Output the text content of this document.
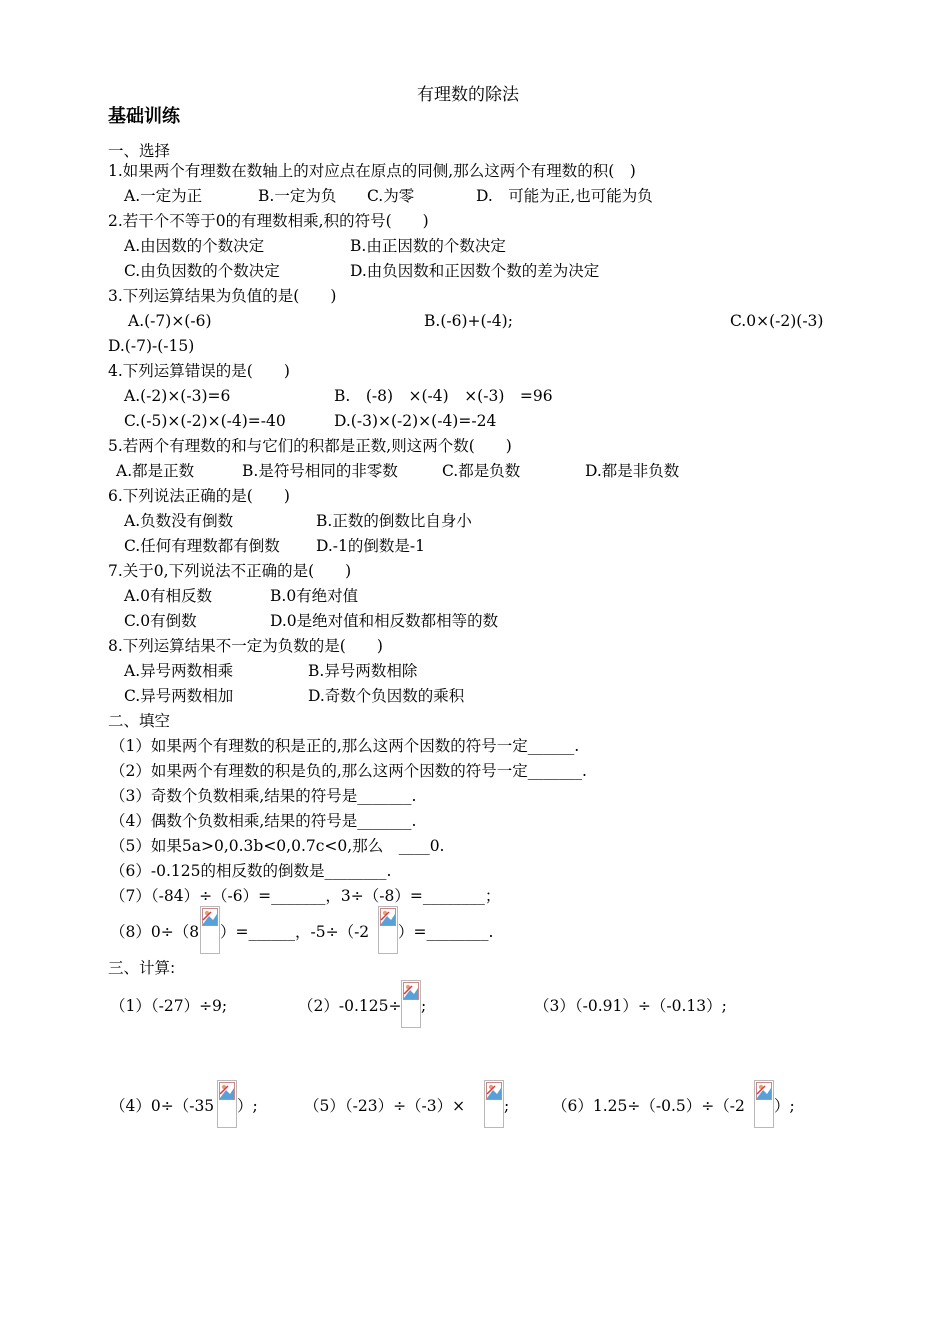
有理数的除法
基础训练
一、选择
1.如果两个有理数在数轴上的对应点在原点的同侧,那么这两个有理数的积(　)
A.一定为正	B.一定为负 C.为零	D.　可能为正,也可能为负
2.若干个不等于0的有理数相乘,积的符号(　　)
A.由因数的个数决定	B.由正因数的个数决定
C.由负因数的个数决定	D.由负因数和正因数个数的差为决定
3.下列运算结果为负值的是(　　)
A.(-7)×(-6)	B.(-6)+(-4);	C.0×(-2)(-3)
D.(-7)-(-15)
4.下列运算错误的是(　　)
A.(-2)×(-3)=6	B.　(-8)　×(-4)　×(-3)　=96
C.(-5)×(-2)×(-4)=-40	D.(-3)×(-2)×(-4)=-24
5.若两个有理数的和与它们的积都是正数,则这两个数(　　)
A.都是正数	B.是符号相同的非零数	C.都是负数	D.都是非负数
6.下列说法正确的是(　　)
A.负数没有倒数	B.正数的倒数比自身小
C.任何有理数都有倒数 D.-1的倒数是-1
7.关于0,下列说法不正确的是(　　)
A.0有相反数	B.0有绝对值
C.0有倒数	D.0是绝对值和相反数都相等的数
8.下列运算结果不一定为负数的是(　　)
A.异号两数相乘	B.异号两数相除
C.异号两数相加	D.奇数个负因数的乘积
二、填空
（1）如果两个有理数的积是正的,那么这两个因数的符号一定______.
（2）如果两个有理数的积是负的,那么这两个因数的符号一定_______.
（3）奇数个负数相乘,结果的符号是_______.
（4）偶数个负数相乘,结果的符号是_______.
（5）如果5a>0,0.3b<0,0.7c<0,那么　____0.
（6）-0.125的相反数的倒数是________.
（7）（-84）÷（-6）=_______，3÷（-8）=________；
（8）0÷（8 ）=______，-5÷（-2 ）=________.
三、计算:
（1）（-27）÷9;	（2）-0.125÷ ;	（3）（-0.91）÷（-0.13）;
（4）0÷（-35 ）;	（5）（-23）÷（-3）×	;	（6）1.25÷（-0.5）÷（-2 ）;
